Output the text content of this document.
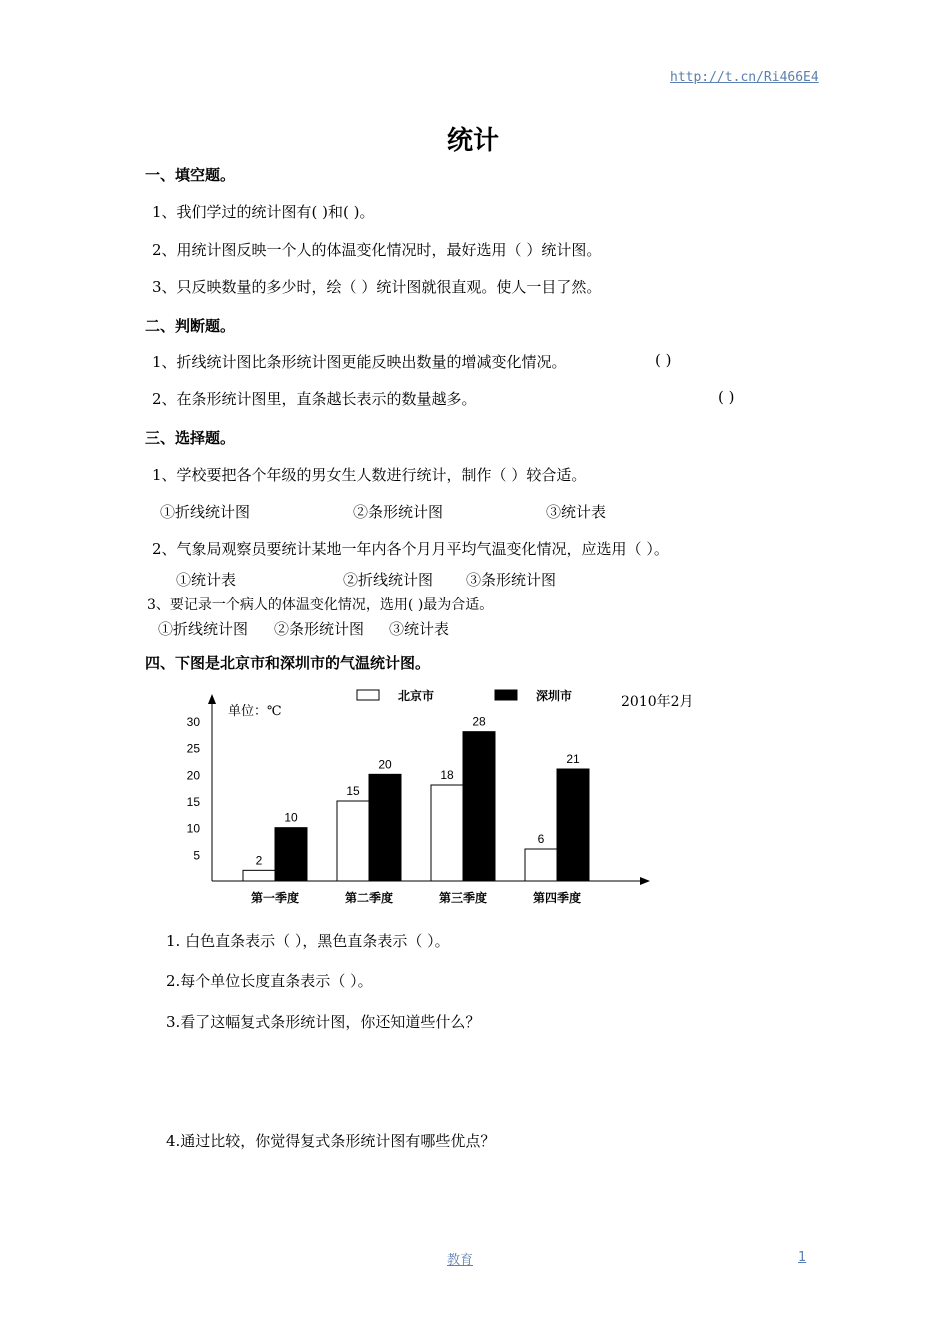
http://t.cn/Ri466E4
统计
一、填空题。
1、我们学过的统计图有( )和( )。
2、用统计图反映一个人的体温变化情况时，最好选用（ ）统计图。
3、只反映数量的多少时，绘（ ）统计图就很直观。使人一目了然。
二、判断题。
1、折线统计图比条形统计图更能反映出数量的增减变化情况。	( )
2、在条形统计图里，直条越长表示的数量越多。	( )
三、选择题。
1、学校要把各个年级的男女生人数进行统计，制作（ ）较合适。
①折线统计图	②条形统计图	③统计表
2、气象局观察员要统计某地一年内各个月月平均气温变化情况，应选用（ ）。
①统计表	②折线统计图 ③条形统计图
3、要记录一个病人的体温变化情况，选用( )最为合适。
①折线统计图 ②条形统计图 ③统计表
四、下图是北京市和深圳市的气温统计图。
北京市	深圳市
单位：℃
2010年2月
5
10
15
20
25
30
2
10
第一季度
15
20
第二季度
18
28
第三季度
6
21
第四季度
1. 白色直条表示（ ），黑色直条表示（ ）。
2.每个单位长度直条表示（ ）。
3.看了这幅复式条形统计图，你还知道些什么？
4.通过比较，你觉得复式条形统计图有哪些优点？
教育	1
